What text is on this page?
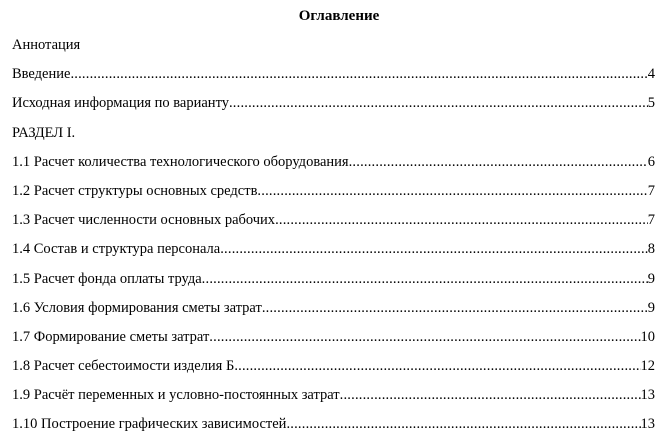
Оглавление
Аннотация
Введение .....	4
Исходная информация по варианту .....	5
РАЗДЕЛ I.
1.1 Расчет количества технологического оборудования .....	6
1.2 Расчет структуры основных средств .....	7
1.3 Расчет численности основных рабочих .....	7
1.4 Состав и структура персонала .....	8
1.5 Расчет фонда оплаты труда .....	9
1.6 Условия формирования сметы затрат .....	9
1.7 Формирование сметы затрат .....	10
1.8 Расчет себестоимости изделия Б .....	12
1.9 Расчёт переменных и условно-постоянных затрат .....	13
1.10 Построение графических зависимостей .....	13
